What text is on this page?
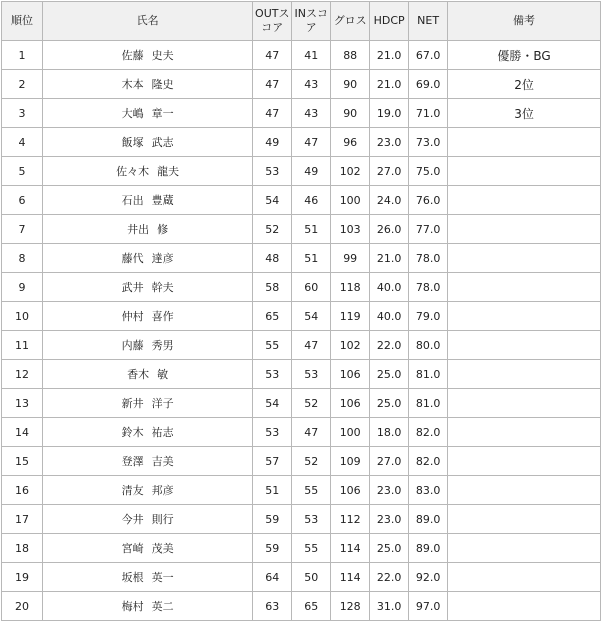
順位	氏名	OUTスコア	INスコア	グロス	HDCP	NET	備考
1	佐藤 史夫	47	41	88	21.0	67.0	優勝・BG
2	木本 隆史	47	43	90	21.0	69.0	2位
3	大嶋 章一	47	43	90	19.0	71.0	3位
4	飯塚 武志	49	47	96	23.0	73.0	
5	佐々木 龍夫	53	49	102	27.0	75.0	
6	石出 豊蔵	54	46	100	24.0	76.0	
7	井出 修	52	51	103	26.0	77.0	
8	藤代 達彦	48	51	99	21.0	78.0	
9	武井 幹夫	58	60	118	40.0	78.0	
10	仲村 喜作	65	54	119	40.0	79.0	
11	内藤 秀男	55	47	102	22.0	80.0	
12	香木 敏	53	53	106	25.0	81.0	
13	新井 洋子	54	52	106	25.0	81.0	
14	鈴木 祐志	53	47	100	18.0	82.0	
15	登澤 吉美	57	52	109	27.0	82.0	
16	清友 邦彦	51	55	106	23.0	83.0	
17	今井 則行	59	53	112	23.0	89.0	
18	宮崎 茂美	59	55	114	25.0	89.0	
19	坂根 英一	64	50	114	22.0	92.0	
20	梅村 英二	63	65	128	31.0	97.0	
